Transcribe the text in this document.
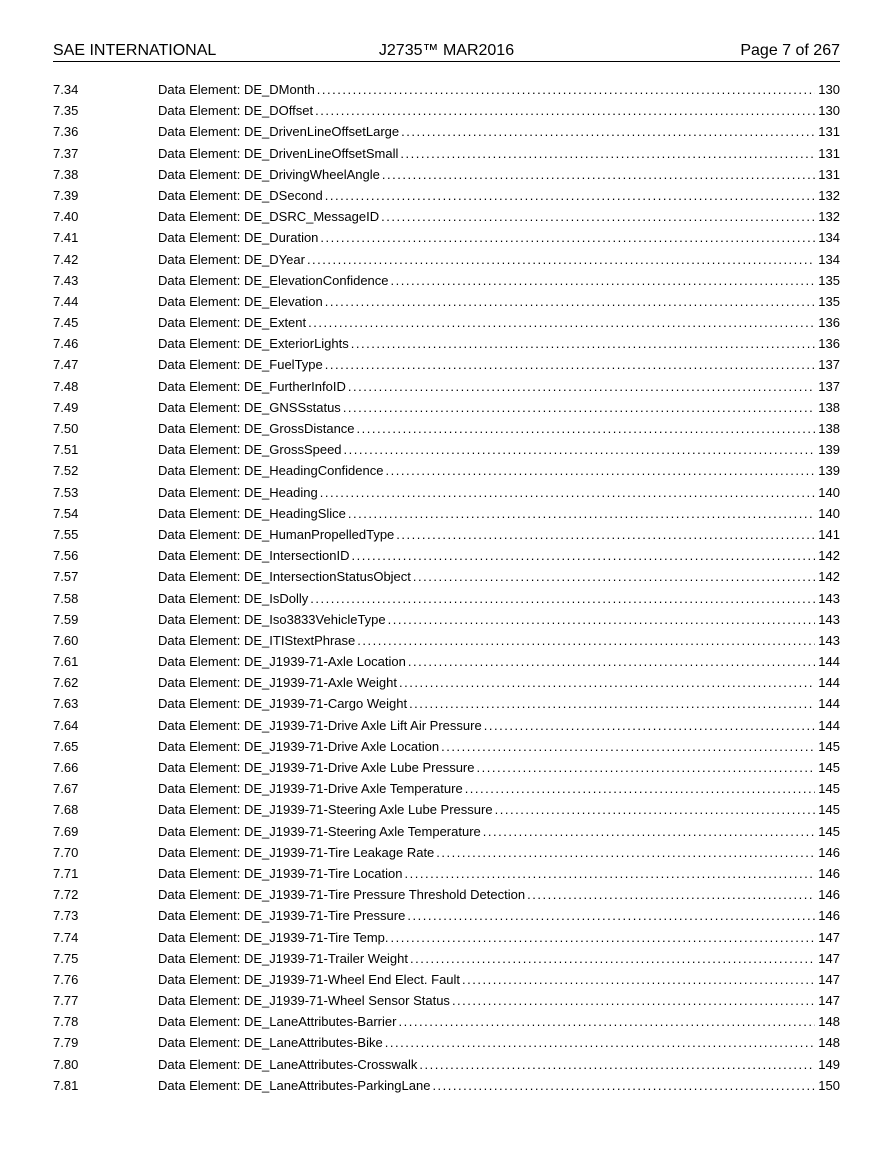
SAE INTERNATIONAL	J2735™ MAR2016	Page 7 of 267
7.34	Data Element: DE_DMonth . . .	130
7.35	Data Element: DE_DOffset . . .	130
7.36	Data Element: DE_DrivenLineOffsetLarge . . .	131
7.37	Data Element: DE_DrivenLineOffsetSmall . . .	131
7.38	Data Element: DE_DrivingWheelAngle . . .	131
7.39	Data Element: DE_DSecond . . .	132
7.40	Data Element: DE_DSRC_MessageID . . .	132
7.41	Data Element: DE_Duration . . .	134
7.42	Data Element: DE_DYear . . .	134
7.43	Data Element: DE_ElevationConfidence . . .	135
7.44	Data Element: DE_Elevation . . .	135
7.45	Data Element: DE_Extent . . .	136
7.46	Data Element: DE_ExteriorLights . . .	136
7.47	Data Element: DE_FuelType . . .	137
7.48	Data Element: DE_FurtherInfoID . . .	137
7.49	Data Element: DE_GNSSstatus . . .	138
7.50	Data Element: DE_GrossDistance . . .	138
7.51	Data Element: DE_GrossSpeed . . .	139
7.52	Data Element: DE_HeadingConfidence . . .	139
7.53	Data Element: DE_Heading . . .	140
7.54	Data Element: DE_HeadingSlice . . .	140
7.55	Data Element: DE_HumanPropelledType . . .	141
7.56	Data Element: DE_IntersectionID . . .	142
7.57	Data Element: DE_IntersectionStatusObject . . .	142
7.58	Data Element: DE_IsDolly . . .	143
7.59	Data Element: DE_Iso3833VehicleType . . .	143
7.60	Data Element: DE_ITIStextPhrase . . .	143
7.61	Data Element: DE_J1939-71-Axle Location . . .	144
7.62	Data Element: DE_J1939-71-Axle Weight . . .	144
7.63	Data Element: DE_J1939-71-Cargo Weight . . .	144
7.64	Data Element: DE_J1939-71-Drive Axle Lift Air Pressure . . .	144
7.65	Data Element: DE_J1939-71-Drive Axle Location . . .	145
7.66	Data Element: DE_J1939-71-Drive Axle Lube Pressure . . .	145
7.67	Data Element: DE_J1939-71-Drive Axle Temperature . . .	145
7.68	Data Element: DE_J1939-71-Steering Axle Lube Pressure . . .	145
7.69	Data Element: DE_J1939-71-Steering Axle Temperature . . .	145
7.70	Data Element: DE_J1939-71-Tire Leakage Rate . . .	146
7.71	Data Element: DE_J1939-71-Tire Location . . .	146
7.72	Data Element: DE_J1939-71-Tire Pressure Threshold Detection . . .	146
7.73	Data Element: DE_J1939-71-Tire Pressure . . .	146
7.74	Data Element: DE_J1939-71-Tire Temp. . . .	147
7.75	Data Element: DE_J1939-71-Trailer Weight . . .	147
7.76	Data Element: DE_J1939-71-Wheel End Elect. Fault . . .	147
7.77	Data Element: DE_J1939-71-Wheel Sensor Status . . .	147
7.78	Data Element: DE_LaneAttributes-Barrier . . .	148
7.79	Data Element: DE_LaneAttributes-Bike . . .	148
7.80	Data Element: DE_LaneAttributes-Crosswalk . . .	149
7.81	Data Element: DE_LaneAttributes-ParkingLane . . .	150
